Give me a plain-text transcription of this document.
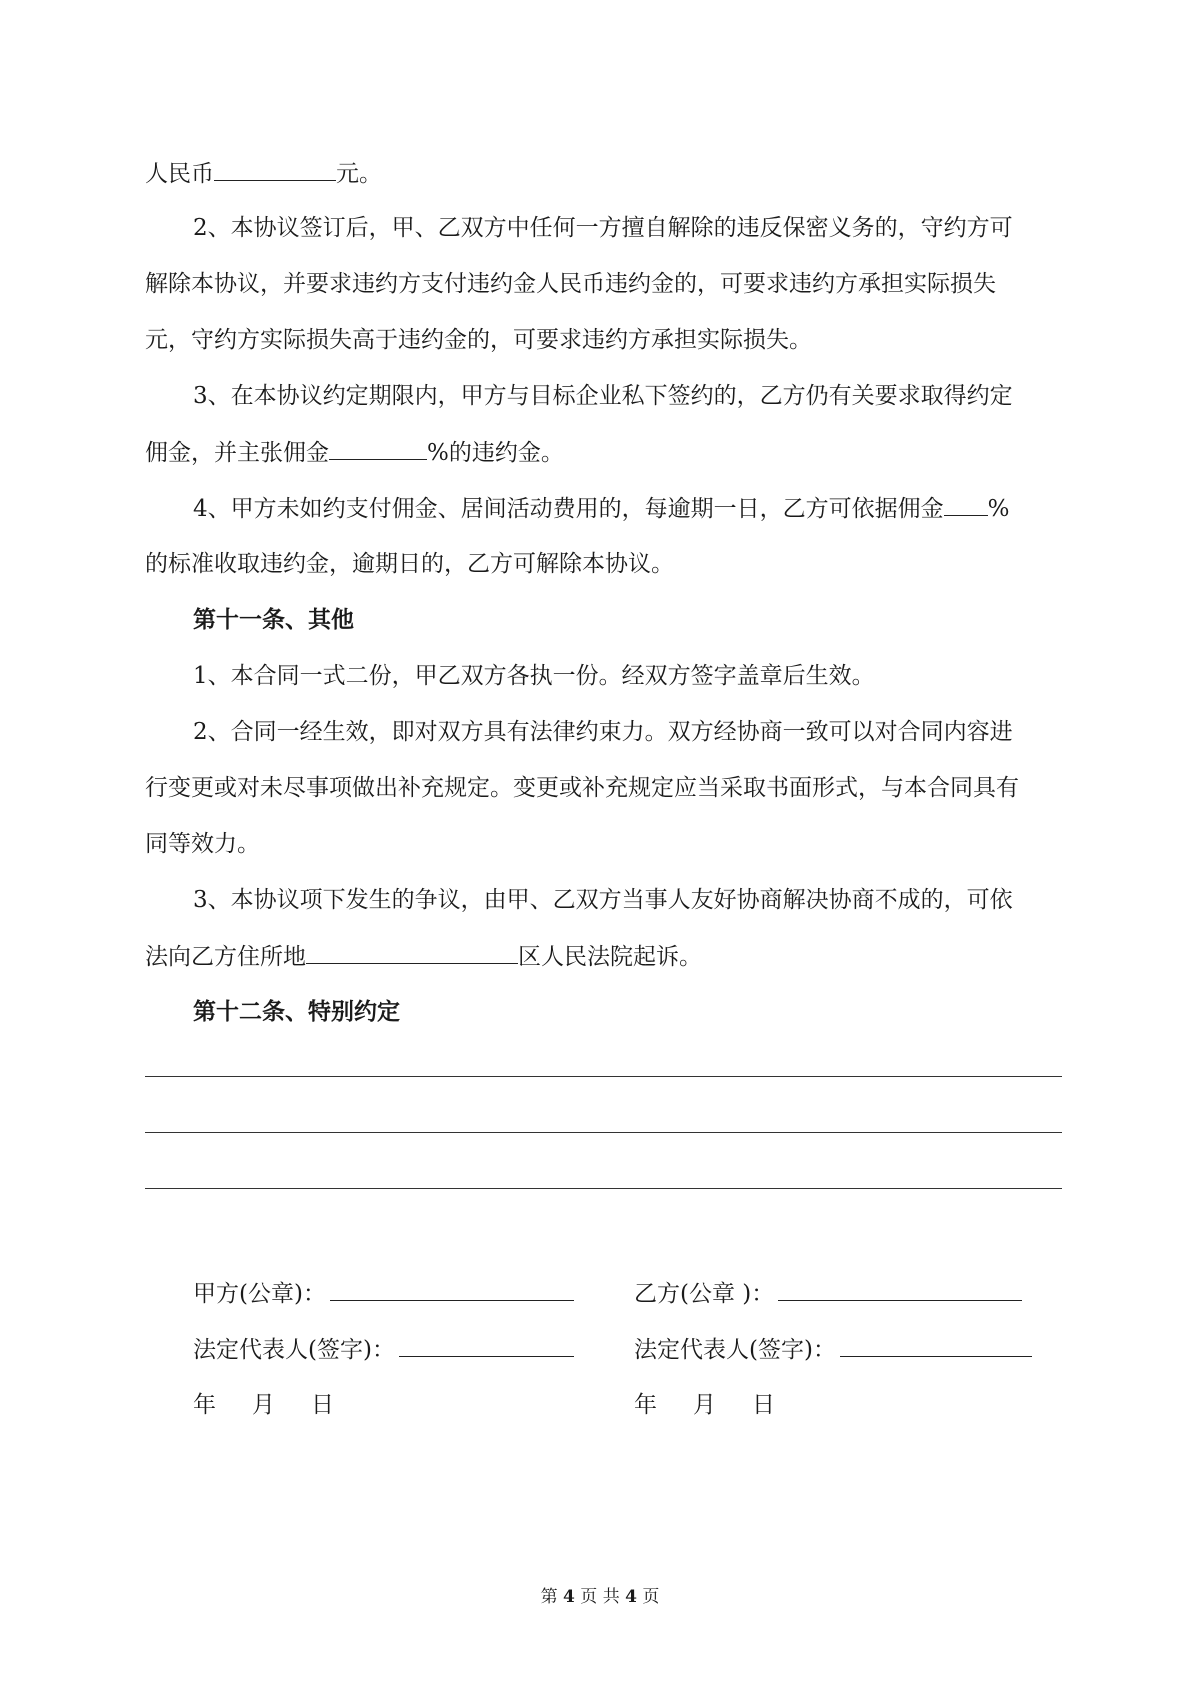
人民币	元。
2、本协议签订后，甲、乙双方中任何一方擅自解除的违反保密义务的，守约方可
解除本协议，并要求违约方支付违约金人民币违约金的，可要求违约方承担实际损失
元，守约方实际损失高于违约金的，可要求违约方承担实际损失。
3、在本协议约定期限内，甲方与目标企业私下签约的，乙方仍有关要求取得约定
佣金，并主张佣金	%的违约金。
4、甲方未如约支付佣金、居间活动费用的，每逾期一日，乙方可依据佣金 %
的标准收取违约金，逾期日的，乙方可解除本协议。
第十一条、其他
1、本合同一式二份，甲乙双方各执一份。经双方签字盖章后生效。
2、合同一经生效，即对双方具有法律约束力。双方经协商一致可以对合同内容进
行变更或对未尽事项做出补充规定。变更或补充规定应当采取书面形式，与本合同具有
同等效力。
3、本协议项下发生的争议，由甲、乙双方当事人友好协商解决协商不成的，可依
法向乙方住所地	区人民法院起诉。
第十二条、特别约定
甲方(公章)：	乙方(公章 )：
法定代表人(签字)：	法定代表人(签字)：
年 月 日	年 月 日
第 4 页 共 4 页
